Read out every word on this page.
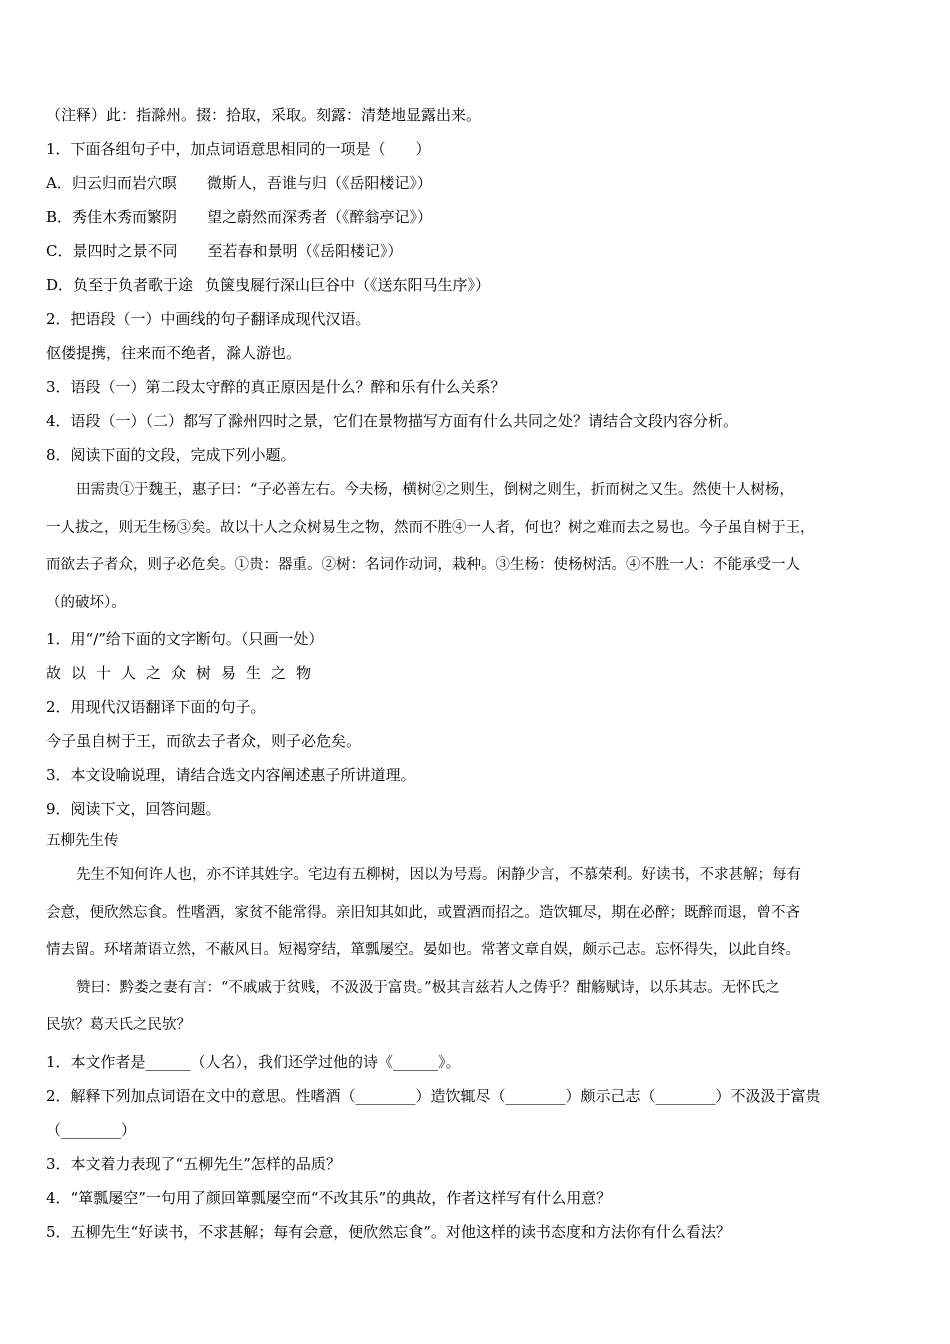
（注释）此：指滁州。掇：拾取，采取。刻露：清楚地显露出来。
1．下面各组句子中，加点词语意思相同的一项是（　　）
A．归云归而岩穴暝 微斯人，吾谁与归（《岳阳楼记》）
B．秀佳木秀而繁阴 望之蔚然而深秀者（《醉翁亭记》）
C．景四时之景不同 至若春和景明（《岳阳楼记》）
D．负至于负者歌于途 负箧曳屣行深山巨谷中（《送东阳马生序》）
2．把语段（一）中画线的句子翻译成现代汉语。
伛偻提携，往来而不绝者，滁人游也。
3．语段（一）第二段太守醉的真正原因是什么？醉和乐有什么关系？
4．语段（一）（二）都写了滁州四时之景，它们在景物描写方面有什么共同之处？请结合文段内容分析。
8．阅读下面的文段，完成下列小题。
田需贵①于魏王，惠子曰：“子必善左右。今夫杨，横树②之则生，倒树之则生，折而树之又生。然使十人树杨，
一人拔之，则无生杨③矣。故以十人之众树易生之物，然而不胜④一人者，何也？树之难而去之易也。今子虽自树于王，
而欲去子者众，则子必危矣。①贵：器重。②树：名词作动词，栽种。③生杨：使杨树活。④不胜一人：不能承受一人
（的破坏）。
1．用“/”给下面的文字断句。（只画一处）
故以十人之众树易生之物
2．用现代汉语翻译下面的句子。
今子虽自树于王，而欲去子者众，则子必危矣。
3．本文设喻说理，请结合选文内容阐述惠子所讲道理。
9．阅读下文，回答问题。
五柳先生传
先生不知何许人也，亦不详其姓字。宅边有五柳树，因以为号焉。闲静少言，不慕荣利。好读书，不求甚解；每有
会意，便欣然忘食。性嗜酒，家贫不能常得。亲旧知其如此，或置酒而招之。造饮辄尽，期在必醉；既醉而退，曾不吝
情去留。环堵萧语立然，不蔽风日。短褐穿结，箪瓢屡空。晏如也。常著文章自娱，颇示己志。忘怀得失，以此自终。
赞曰：黔娄之妻有言：“不戚戚于贫贱，不汲汲于富贵。”极其言兹若人之俦乎？酣觞赋诗，以乐其志。无怀氏之
民欤？葛天氏之民欤？
1．本文作者是______（人名），我们还学过他的诗《______》。
2．解释下列加点词语在文中的意思。性嗜酒（________）造饮辄尽（________）颇示己志（________）不汲汲于富贵
（________）
3．本文着力表现了“五柳先生”怎样的品质？
4．“箪瓢屡空”一句用了颜回箪瓢屡空而“不改其乐”的典故，作者这样写有什么用意？
5．五柳先生“好读书，不求甚解；每有会意，便欣然忘食”。对他这样的读书态度和方法你有什么看法？
